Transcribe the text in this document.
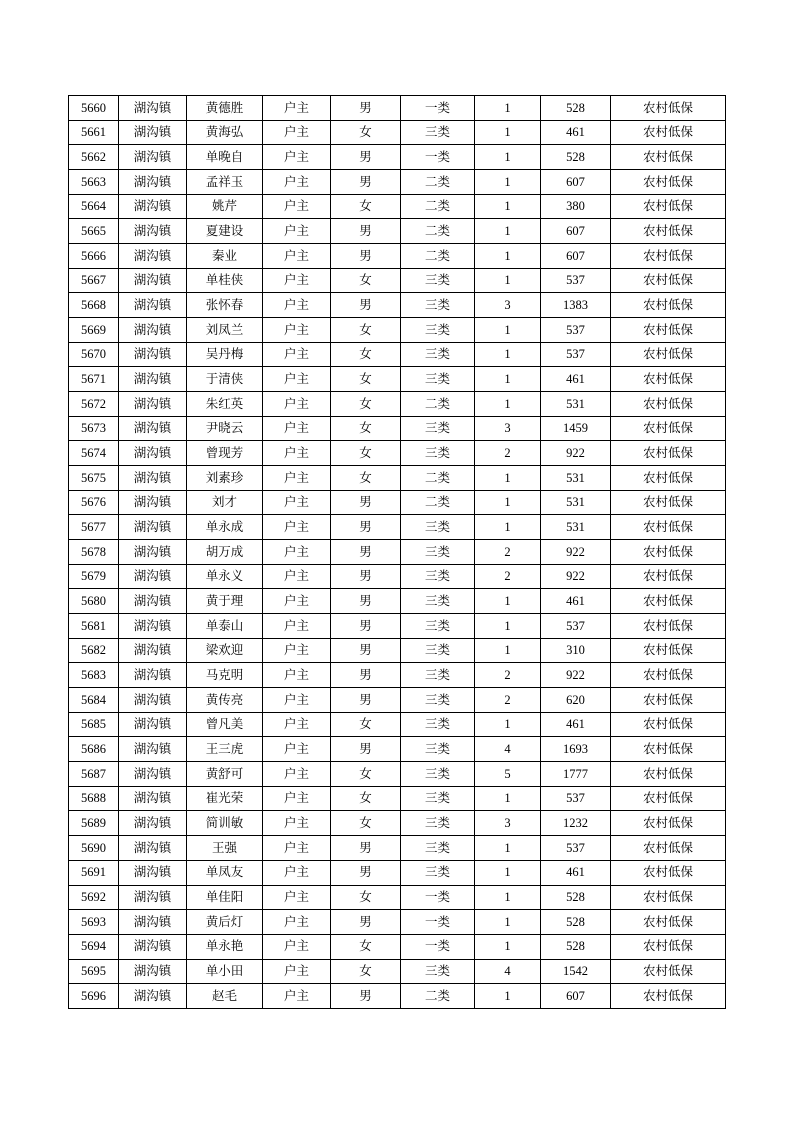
5660	湖沟镇	黄德胜	户主	男	一类	1	528	农村低保
5661	湖沟镇	黄海弘	户主	女	三类	1	461	农村低保
5662	湖沟镇	单晚自	户主	男	一类	1	528	农村低保
5663	湖沟镇	孟祥玉	户主	男	二类	1	607	农村低保
5664	湖沟镇	姚芹	户主	女	二类	1	380	农村低保
5665	湖沟镇	夏建设	户主	男	二类	1	607	农村低保
5666	湖沟镇	秦业	户主	男	二类	1	607	农村低保
5667	湖沟镇	单桂侠	户主	女	三类	1	537	农村低保
5668	湖沟镇	张怀春	户主	男	三类	3	1383	农村低保
5669	湖沟镇	刘凤兰	户主	女	三类	1	537	农村低保
5670	湖沟镇	吴丹梅	户主	女	三类	1	537	农村低保
5671	湖沟镇	于清侠	户主	女	三类	1	461	农村低保
5672	湖沟镇	朱红英	户主	女	二类	1	531	农村低保
5673	湖沟镇	尹晓云	户主	女	三类	3	1459	农村低保
5674	湖沟镇	曾现芳	户主	女	三类	2	922	农村低保
5675	湖沟镇	刘素珍	户主	女	二类	1	531	农村低保
5676	湖沟镇	刘才	户主	男	二类	1	531	农村低保
5677	湖沟镇	单永成	户主	男	三类	1	531	农村低保
5678	湖沟镇	胡万成	户主	男	三类	2	922	农村低保
5679	湖沟镇	单永义	户主	男	三类	2	922	农村低保
5680	湖沟镇	黄于理	户主	男	三类	1	461	农村低保
5681	湖沟镇	单泰山	户主	男	三类	1	537	农村低保
5682	湖沟镇	梁欢迎	户主	男	三类	1	310	农村低保
5683	湖沟镇	马克明	户主	男	三类	2	922	农村低保
5684	湖沟镇	黄传亮	户主	男	三类	2	620	农村低保
5685	湖沟镇	曾凡美	户主	女	三类	1	461	农村低保
5686	湖沟镇	王三虎	户主	男	三类	4	1693	农村低保
5687	湖沟镇	黄舒可	户主	女	三类	5	1777	农村低保
5688	湖沟镇	崔光荣	户主	女	三类	1	537	农村低保
5689	湖沟镇	简训敏	户主	女	三类	3	1232	农村低保
5690	湖沟镇	王强	户主	男	三类	1	537	农村低保
5691	湖沟镇	单凤友	户主	男	三类	1	461	农村低保
5692	湖沟镇	单佳阳	户主	女	一类	1	528	农村低保
5693	湖沟镇	黄后灯	户主	男	一类	1	528	农村低保
5694	湖沟镇	单永艳	户主	女	一类	1	528	农村低保
5695	湖沟镇	单小田	户主	女	三类	4	1542	农村低保
5696	湖沟镇	赵毛	户主	男	二类	1	607	农村低保
